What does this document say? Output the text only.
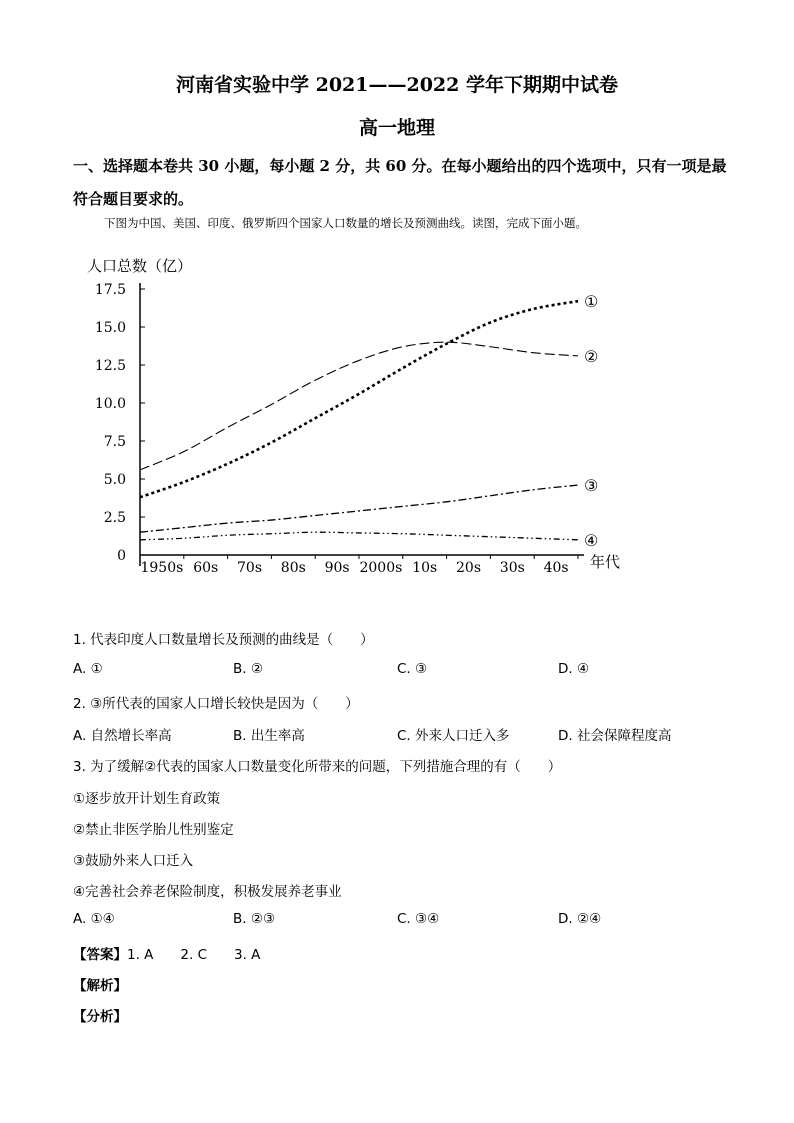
河南省实验中学 2021——2022 学年下期期中试卷
高一地理
一、选择题本卷共 30 小题，每小题 2 分，共 60 分。在每小题给出的四个选项中，只有一项是最符合题目要求的。
下图为中国、美国、印度、俄罗斯四个国家人口数量的增长及预测曲线。读图，完成下面小题。
人口总数（亿）
年代
0
2.5
5.0
7.5
10.0
12.5
15.0
17.5
1950s 60s 70s 80s 90s 2000s 10s 20s 30s 40s
①
②
③
④
1. 代表印度人口数量增长及预测的曲线是（　　）
A. ①	B. ②	C. ③	D. ④
2. ③所代表的国家人口增长较快是因为（　　）
A. 自然增长率高	B. 出生率高	C. 外来人口迁入多	D. 社会保障程度高
3. 为了缓解②代表的国家人口数量变化所带来的问题，下列措施合理的有（　　）
①逐步放开计划生育政策
②禁止非医学胎儿性别鉴定
③鼓励外来人口迁入
④完善社会养老保险制度，积极发展养老事业
A. ①④	B. ②③	C. ③④	D. ②④
【答案】1. A　　2. C　　3. A
【解析】
【分析】
